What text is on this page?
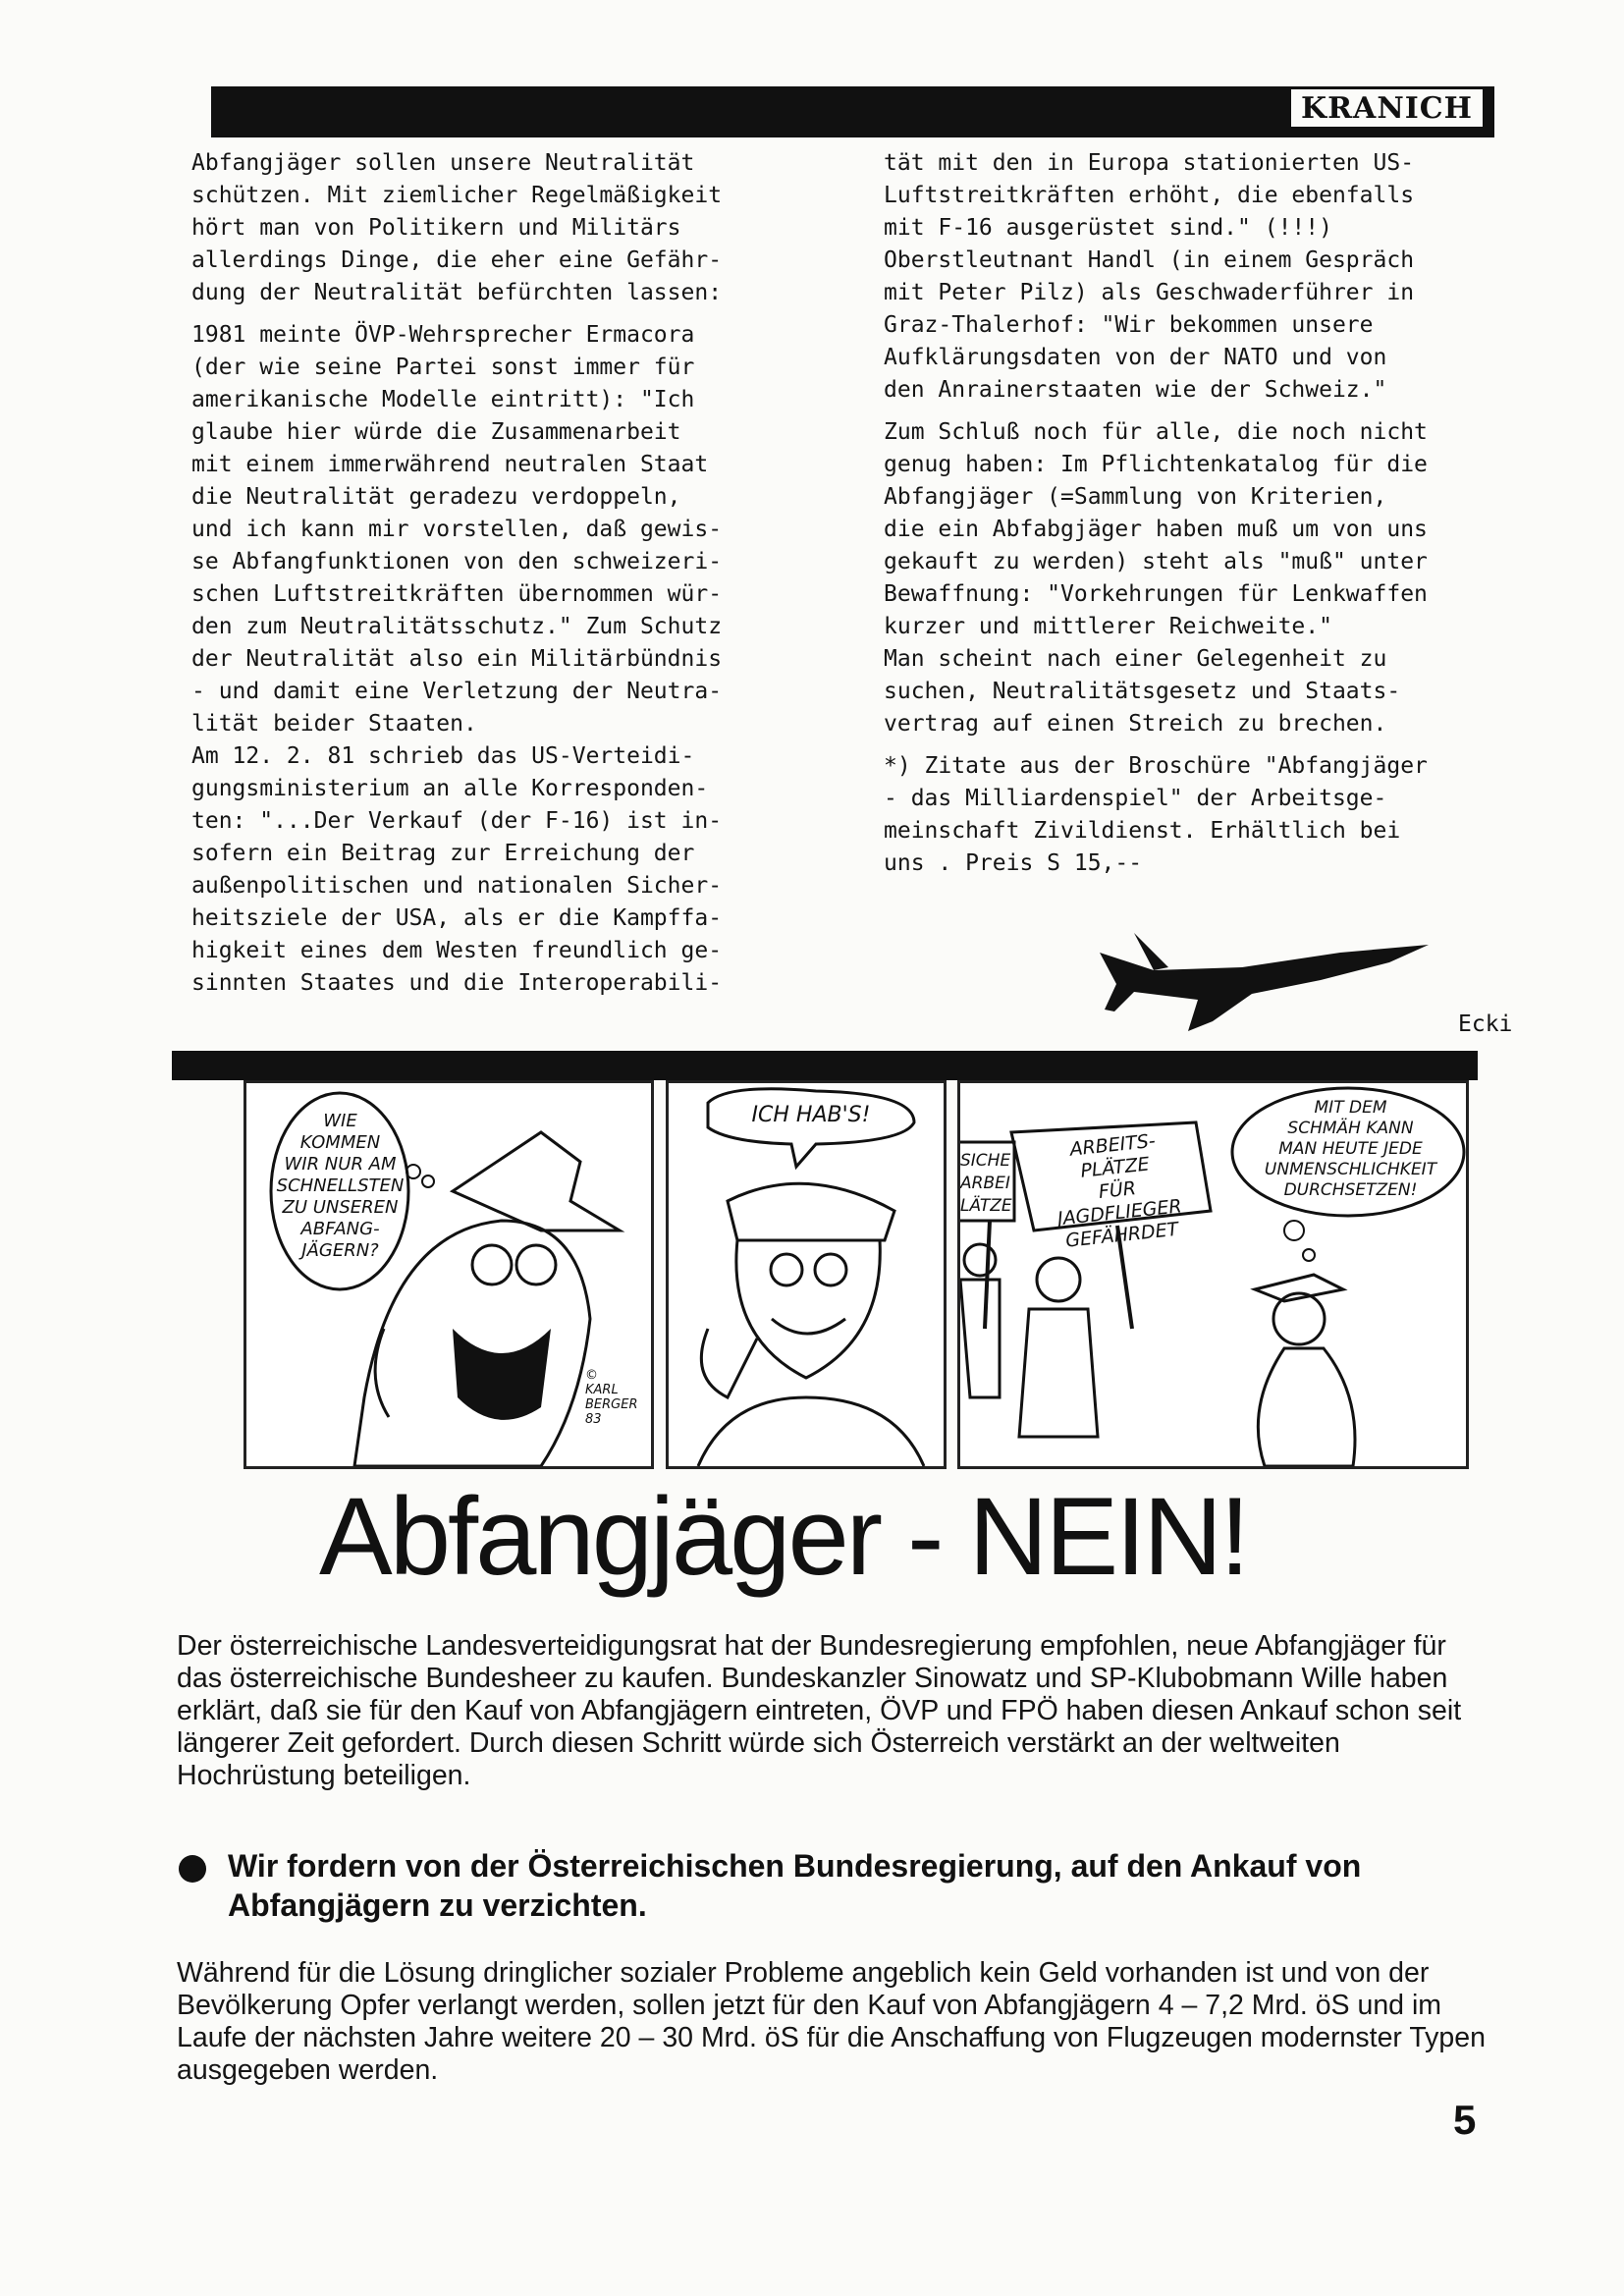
KRANICH

Abfangjäger sollen unsere Neutralität
schützen. Mit ziemlicher Regelmäßigkeit
hört man von Politikern und Militärs
allerdings Dinge, die eher eine Gefähr-
dung der Neutralität befürchten lassen:

1981 meinte ÖVP-Wehrsprecher Ermacora
(der wie seine Partei sonst immer für
amerikanische Modelle eintritt): "Ich
glaube hier würde die Zusammenarbeit
mit einem immerwährend neutralen Staat
die Neutralität geradezu verdoppeln,
und ich kann mir vorstellen, daß gewis-
se Abfangfunktionen von den schweizeri-
schen Luftstreitkräften übernommen wür-
den zum Neutralitätsschutz." Zum Schutz
der Neutralität also ein Militärbündnis
- und damit eine Verletzung der Neutra-
lität beider Staaten.
Am 12. 2. 81 schrieb das US-Verteidi-
gungsministerium an alle Korresponden-
ten: "...Der Verkauf (der F-16) ist in-
sofern ein Beitrag zur Erreichung der
außenpolitischen und nationalen Sicher-
heitsziele der USA, als er die Kampffa-
higkeit eines dem Westen freundlich ge-
sinnten Staates und die Interoperabili-

tät mit den in Europa stationierten US-
Luftstreitkräften erhöht, die ebenfalls
mit F-16 ausgerüstet sind." (!!!)
Oberstleutnant Handl (in einem Gespräch
mit Peter Pilz) als Geschwaderführer in
Graz-Thalerhof: "Wir bekommen unsere
Aufklärungsdaten von der NATO und von
den Anrainerstaaten wie der Schweiz."

Zum Schluß noch für alle, die noch nicht
genug haben: Im Pflichtenkatalog für die
Abfangjäger (=Sammlung von Kriterien,
die ein Abfabgjäger haben muß um von uns
gekauft zu werden) steht als "muß" unter
Bewaffnung: "Vorkehrungen für Lenkwaffen
kurzer und mittlerer Reichweite."
Man scheint nach einer Gelegenheit zu
suchen, Neutralitätsgesetz und Staats-
vertrag auf einen Streich zu brechen.

*) Zitate aus der Broschüre "Abfangjäger
- das Milliardenspiel" der Arbeitsge-
meinschaft Zivildienst. Erhältlich bei
uns . Preis S 15,--

Ecki
WIE
KOMMEN
WIR NUR AM
SCHNELLSTEN
ZU UNSEREN
ABFANG-
JÄGERN?
©
KARL
BERGER
83
ICH HAB'S!
ARBEITS-
PLÄTZE
FÜR
JAGDFLIEGER
GEFÄHRDET
SICHE
ARBEI
LÄTZE
MIT DEM
SCHMÄH KANN
MAN HEUTE JEDE
UNMENSCHLICHKEIT
DURCHSETZEN!
Abfangjäger - NEIN!

Der österreichische Landesverteidigungsrat hat der Bundesregierung empfohlen, neue Abfangjäger für das österreichische Bundesheer zu kaufen. Bundeskanzler Sinowatz und SP-Klubobmann Wille haben erklärt, daß sie für den Kauf von Abfangjägern eintreten, ÖVP und FPÖ haben diesen Ankauf schon seit längerer Zeit gefordert. Durch diesen Schritt würde sich Österreich verstärkt an der weltweiten Hochrüstung beteiligen.

Wir fordern von der Österreichischen Bundesregierung, auf den Ankauf von Abfangjägern zu verzichten.

Während für die Lösung dringlicher sozialer Probleme angeblich kein Geld vorhanden ist und von der Bevölkerung Opfer verlangt werden, sollen jetzt für den Kauf von Abfangjägern 4 – 7,2 Mrd. öS und im Laufe der nächsten Jahre weitere 20 – 30 Mrd. öS für die Anschaffung von Flugzeugen modernster Typen ausgegeben werden.

5
